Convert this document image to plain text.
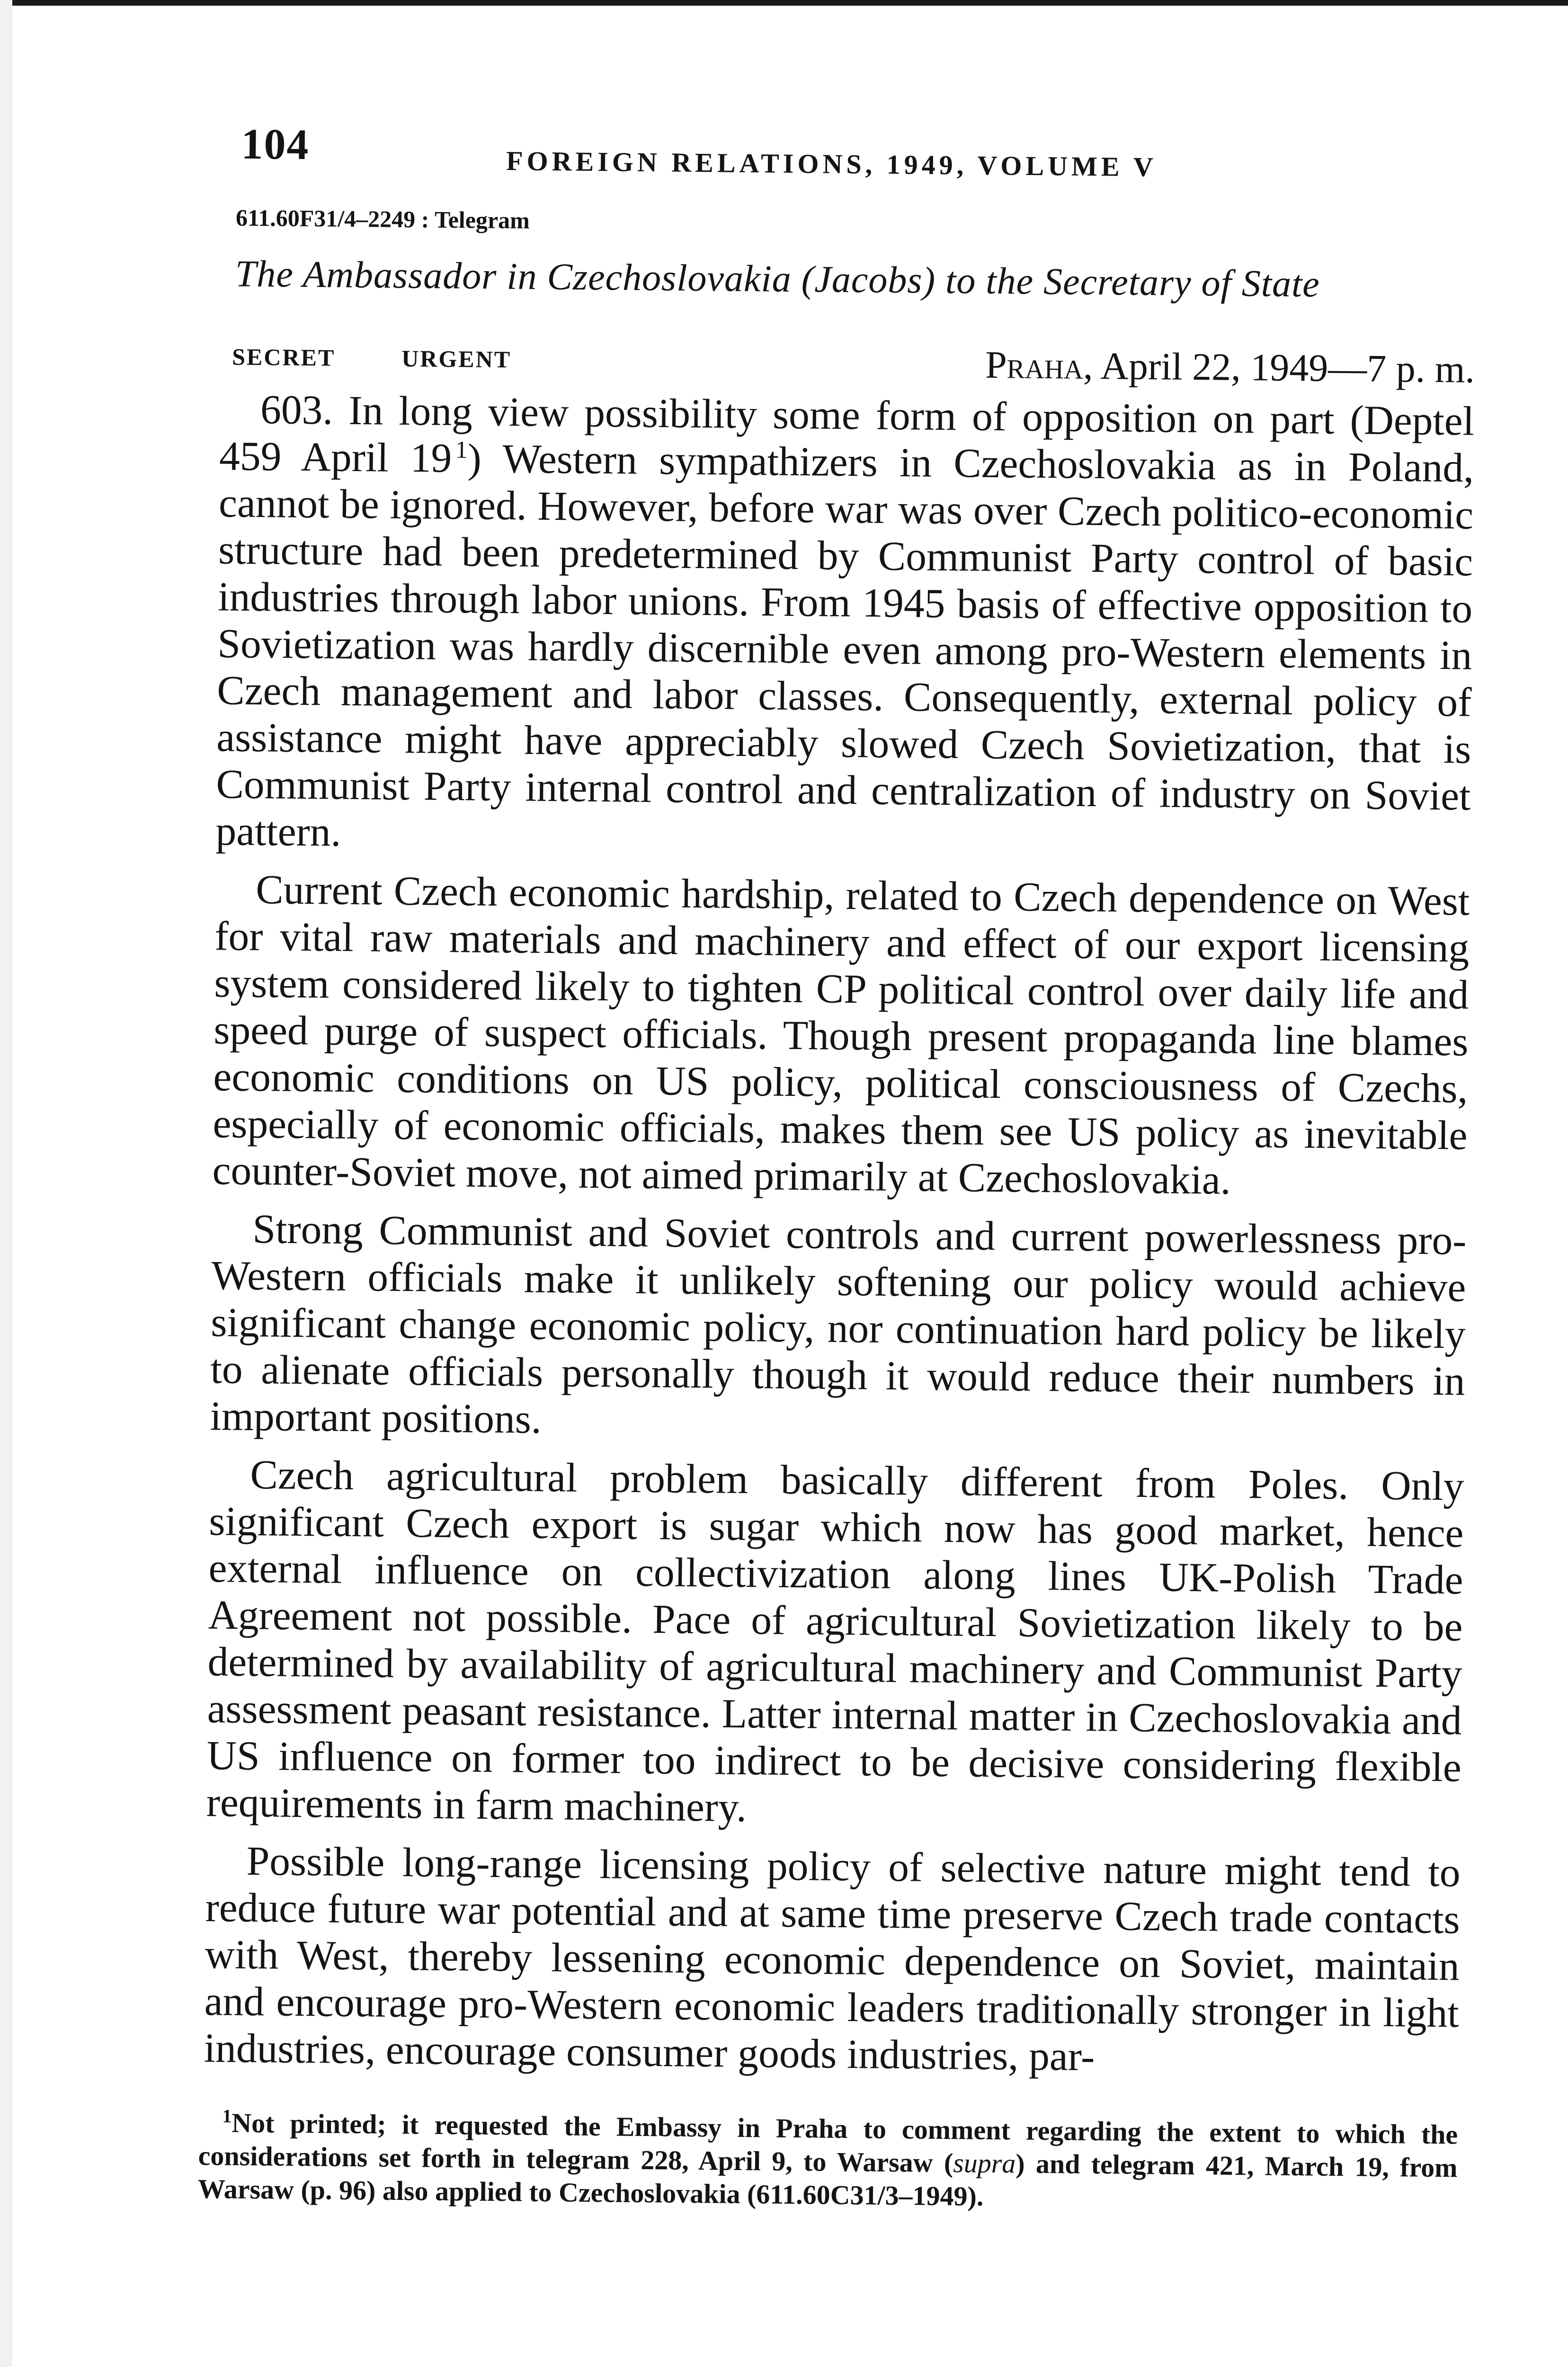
104	FOREIGN RELATIONS, 1949, VOLUME V
611.60F31/4–2249 : Telegram
The Ambassador in Czechoslovakia (Jacobs) to the Secretary of State
SECRET	URGENT	Praha, April 22, 1949—7 p. m.

603. In long view possibility some form of opposition on part (Deptel 459 April 19  $^1$) Western sympathizers in Czechoslovakia as in Poland, cannot be ignored. However, before war was over Czech politico-economic structure had been predetermined by Communist Party control of basic industries through labor unions. From 1945 basis of effective opposition to Sovietization was hardly discernible even among pro-Western elements in Czech management and labor classes. Consequently, external policy of assistance might have appreciably slowed Czech Sovietization, that is Communist Party internal control and centralization of industry on Soviet pattern.

Current Czech economic hardship, related to Czech dependence on West for vital raw materials and machinery and effect of our export licensing system considered likely to tighten CP political control over daily life and speed purge of suspect officials. Though present propaganda line blames economic conditions on US policy, political consciousness of Czechs, especially of economic officials, makes them see US policy as inevitable counter-Soviet move, not aimed primarily at Czechoslovakia.

Strong Communist and Soviet controls and current powerlessness pro-Western officials make it unlikely softening our policy would achieve significant change economic policy, nor continuation hard policy be likely to alienate officials personally though it would reduce their numbers in important positions.

Czech agricultural problem basically different from Poles. Only significant Czech export is sugar which now has good market, hence external influence on collectivization along lines UK-Polish Trade Agreement not possible. Pace of agricultural Sovietization likely to be determined by availability of agricultural machinery and Communist Party assessment peasant resistance. Latter internal matter in Czechoslovakia and US influence on former too indirect to be decisive considering flexible requirements in farm machinery.

Possible long-range licensing policy of selective nature might tend to reduce future war potential and at same time preserve Czech trade contacts with West, thereby lessening economic dependence on Soviet, maintain and encourage pro-Western economic leaders traditionally stronger in light industries, encourage consumer goods industries, par-

$^1$Not printed; it requested the Embassy in Praha to comment regarding the extent to which the considerations set forth in telegram 228, April 9, to Warsaw (supra) and telegram 421, March 19, from Warsaw (p. 96) also applied to Czechoslovakia (611.60C31/3–1949).
